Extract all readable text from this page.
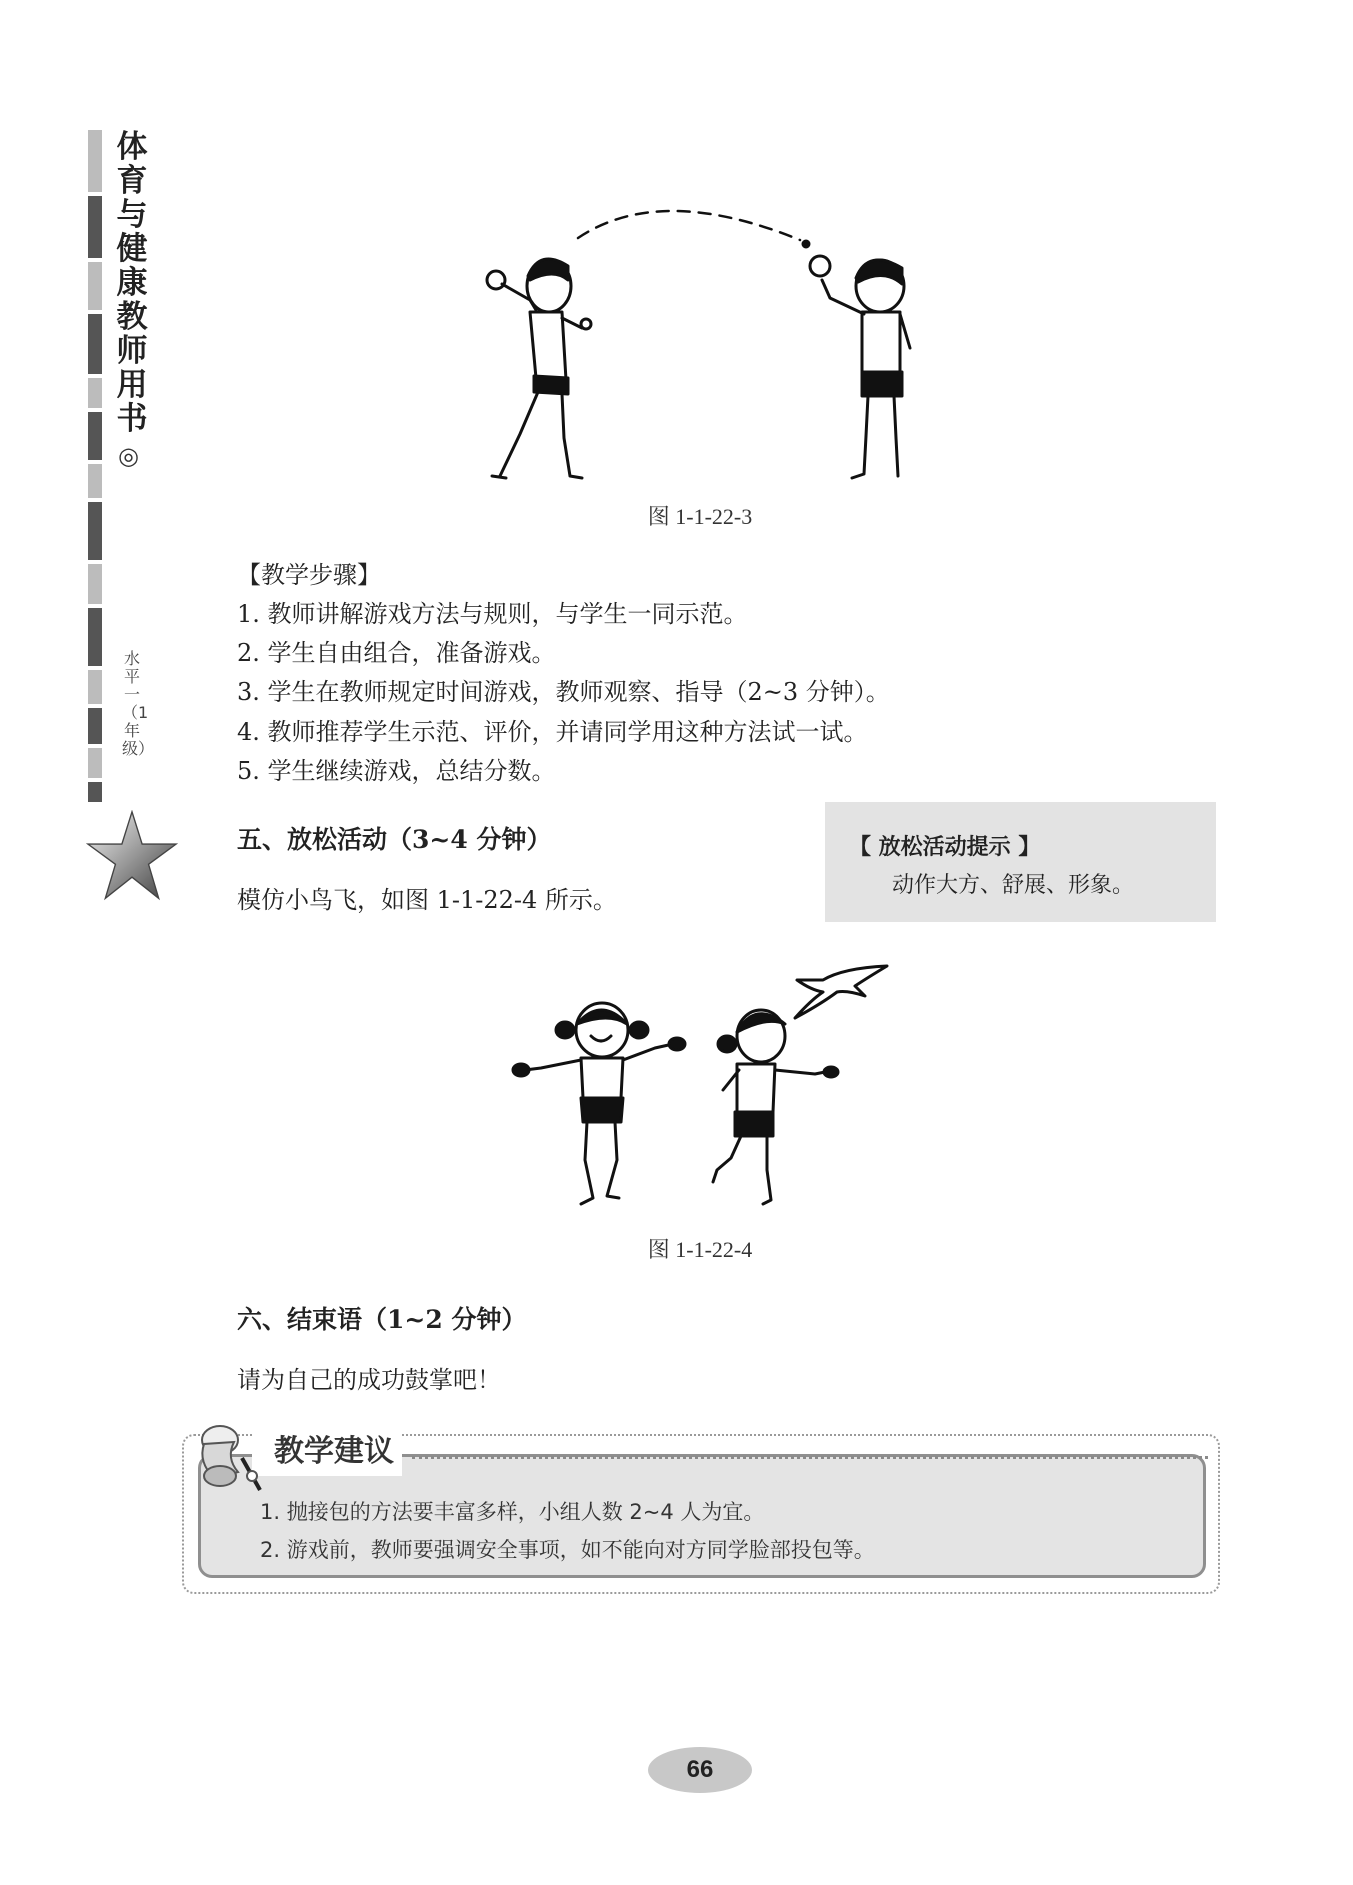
体育与健康教师用书
◎
水平一（1年级）
图 1-1-22-3
【教学步骤】
1. 教师讲解游戏方法与规则，与学生一同示范。
2. 学生自由组合，准备游戏。
3. 学生在教师规定时间游戏，教师观察、指导（2~3 分钟）。
4. 教师推荐学生示范、评价，并请同学用这种方法试一试。
5. 学生继续游戏，总结分数。
五、放松活动（3~4 分钟）
模仿小鸟飞，如图 1-1-22-4 所示。
【 放松活动提示 】
动作大方、舒展、形象。
图 1-1-22-4
六、结束语（1~2 分钟）
请为自己的成功鼓掌吧！
教学建议
1. 抛接包的方法要丰富多样，小组人数 2~4 人为宜。
2. 游戏前，教师要强调安全事项，如不能向对方同学脸部投包等。
66
